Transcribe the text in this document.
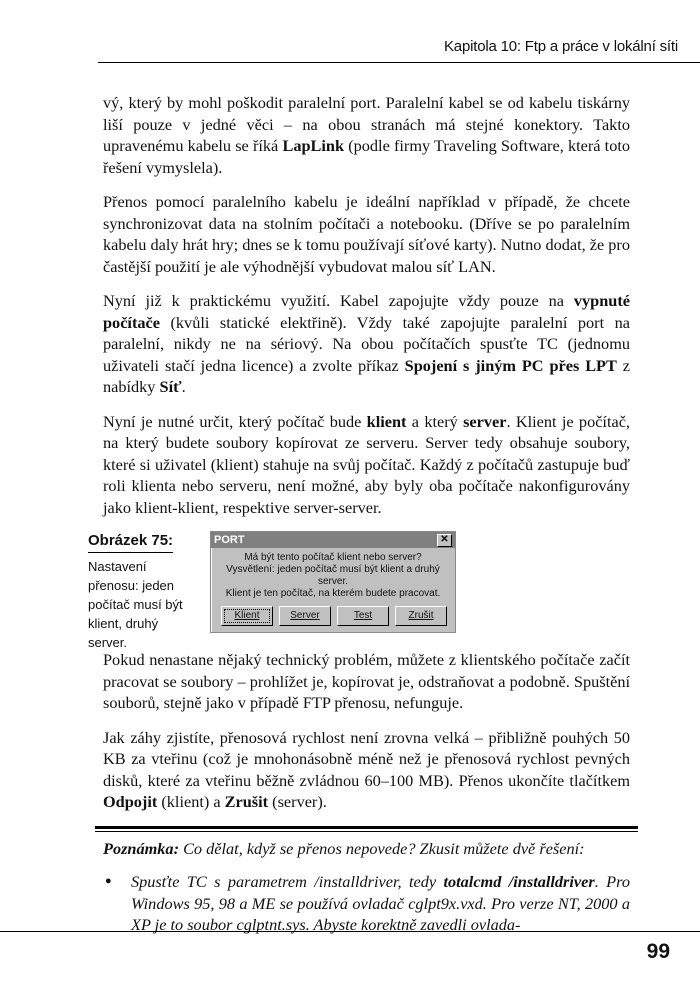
Kapitola 10: Ftp a práce v lokální síti

vý, který by mohl poškodit paralelní port. Paralelní kabel se od kabelu tiskárny liší pouze v jedné věci – na obou stranách má stejné konektory. Takto upravenému kabelu se říká LapLink (podle firmy Traveling Software, která toto řešení vymyslela).

Přenos pomocí paralelního kabelu je ideální například v případě, že chcete synchronizovat data na stolním počítači a notebooku. (Dříve se po paralelním kabelu daly hrát hry; dnes se k tomu používají síťové karty). Nutno dodat, že pro častější použití je ale výhodnější vybudovat malou síť LAN.

Nyní již k praktickému využití. Kabel zapojujte vždy pouze na vypnuté počítače (kvůli statické elektřině). Vždy také zapojujte paralelní port na paralelní, nikdy ne na sériový. Na obou počítačích spusťte TC (jednomu uživateli stačí jedna licence) a zvolte příkaz Spojení s jiným PC přes LPT z nabídky Síť.

Nyní je nutné určit, který počítač bude klient a který server. Klient je počítač, na který budete soubory kopírovat ze serveru. Server tedy obsahuje soubory, které si uživatel (klient) stahuje na svůj počítač. Každý z počítačů zastupuje buď roli klienta nebo serveru, není možné, aby byly oba počítače nakonfigurovány jako klient-klient, respektive server-server.

Obrázek 75:
Nastavení přenosu: jeden počítač musí být klient, druhý server.
PORT	✕
Má být tento počítač klient nebo server?
Vysvětlení: jeden počítač musí být klient a druhý server.
Klient je ten počítač, na kterém budete pracovat.
Klient	Server	Test	Zrušit

Pokud nenastane nějaký technický problém, můžete z klientského počítače začít pracovat se soubory – prohlížet je, kopírovat je, odstraňovat a podobně. Spuštění souborů, stejně jako v případě FTP přenosu, nefunguje.

Jak záhy zjistíte, přenosová rychlost není zrovna velká – přibližně pouhých 50 KB za vteřinu (což je mnohonásobně méně než je přenosová rychlost pevných disků, které za vteřinu běžně zvládnou 60–100 MB). Přenos ukončíte tlačítkem Odpojit (klient) a Zrušit (server).

Poznámka: Co dělat, když se přenos nepovede? Zkusit můžete dvě řešení:
● Spusťte TC s parametrem /installdriver, tedy totalcmd /installdriver. Pro Windows 95, 98 a ME se používá ovladač cglpt9x.vxd. Pro verze NT, 2000 a XP je to soubor cglptnt.sys. Abyste korektně zavedli ovlada-
99
